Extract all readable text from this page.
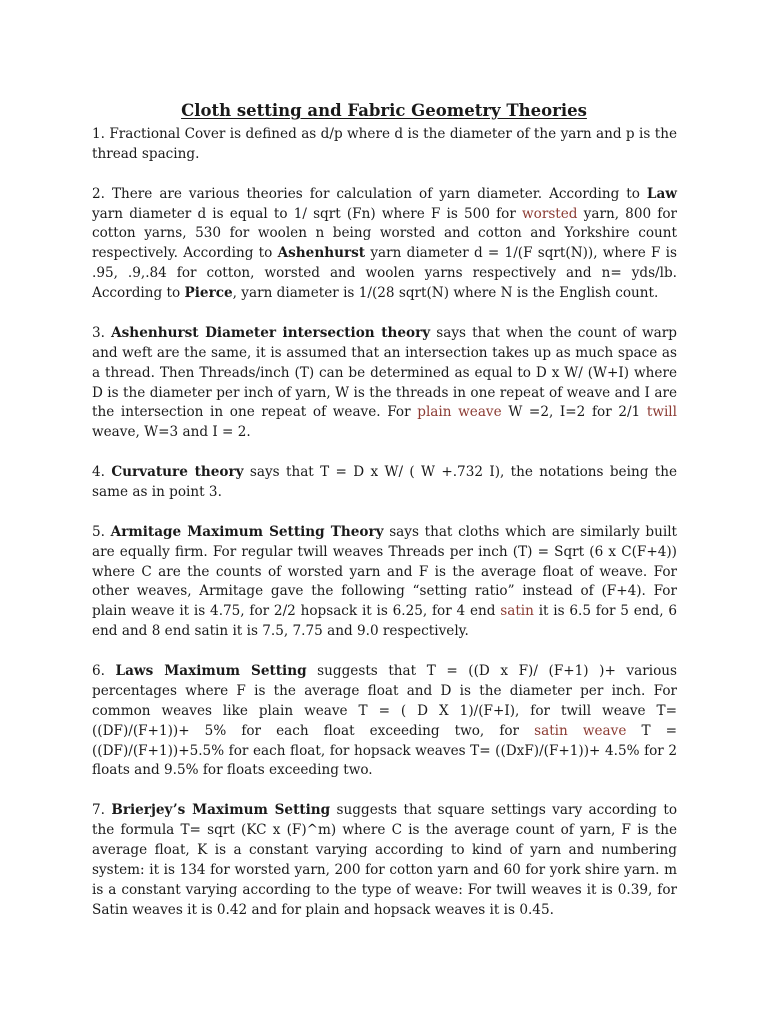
Cloth setting and Fabric Geometry Theories

1. Fractional Cover is defined as d/p where d is the diameter of the yarn and p is the thread spacing.

2. There are various theories for calculation of yarn diameter. According to Law yarn diameter d is equal to 1/ sqrt (Fn) where F is 500 for worsted yarn, 800 for cotton yarns, 530 for woolen n being worsted and cotton and Yorkshire count respectively. According to Ashenhurst yarn diameter d = 1/(F sqrt(N)), where F is .95, .9,.84 for cotton, worsted and woolen yarns respectively and n= yds/lb. According to Pierce, yarn diameter is 1/(28 sqrt(N) where N is the English count.

3. Ashenhurst Diameter intersection theory says that when the count of warp and weft are the same, it is assumed that an intersection takes up as much space as a thread. Then Threads/inch (T) can be determined as equal to D x W/ (W+I) where D is the diameter per inch of yarn, W is the threads in one repeat of weave and I are the intersection in one repeat of weave. For plain weave W =2, I=2 for 2/1 twill weave, W=3 and I = 2.

4. Curvature theory says that T = D x W/ ( W +.732 I), the notations being the same as in point 3.

5. Armitage Maximum Setting Theory says that cloths which are similarly built are equally firm. For regular twill weaves Threads per inch (T) = Sqrt (6 x C(F+4)) where C are the counts of worsted yarn and F is the average float of weave. For other weaves, Armitage gave the following “setting ratio” instead of (F+4). For plain weave it is 4.75, for 2/2 hopsack it is 6.25, for 4 end satin it is 6.5 for 5 end, 6 end and 8 end satin it is 7.5, 7.75 and 9.0 respectively.

6. Laws Maximum Setting suggests that T = ((D x F)/ (F+1) )+ various percentages where F is the average float and D is the diameter per inch. For common weaves like plain weave T = ( D X 1)/(F+I), for twill weave T= ((DF)/(F+1))+ 5% for each float exceeding two, for satin weave T = ((DF)/(F+1))+5.5% for each float, for hopsack weaves T= ((DxF)/(F+1))+ 4.5% for 2 floats and 9.5% for floats exceeding two.

7. Brierjey’s Maximum Setting suggests that square settings vary according to the formula T= sqrt (KC x (F)^m) where C is the average count of yarn, F is the average float, K is a constant varying according to kind of yarn and numbering system: it is 134 for worsted yarn, 200 for cotton yarn and 60 for york shire yarn. m is a constant varying according to the type of weave: For twill weaves it is 0.39, for Satin weaves it is 0.42 and for plain and hopsack weaves it is 0.45.
